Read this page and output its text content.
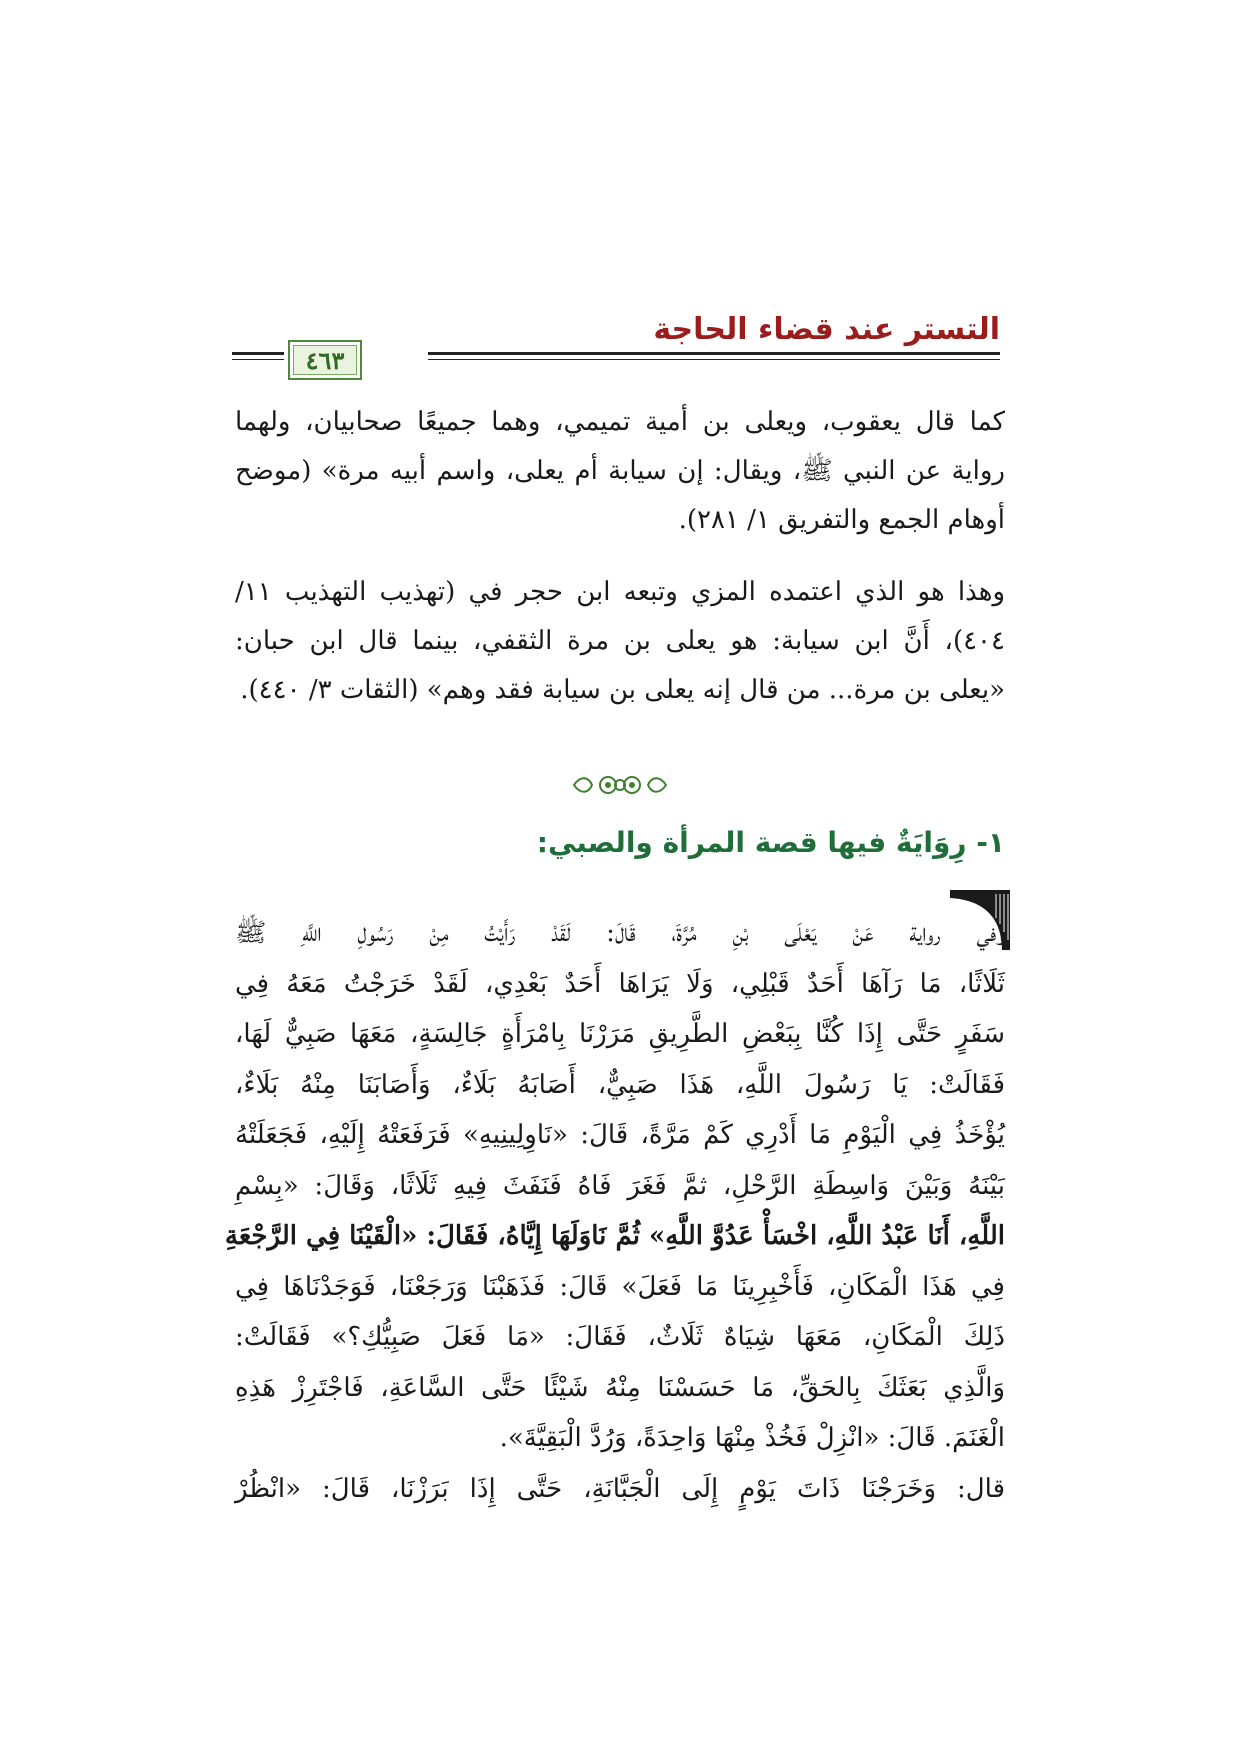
التستر عند قضاء الحاجة
٤٦٣
كما قال يعقوب، ويعلى بن أمية تميمي، وهما جميعًا صحابيان، ولهما
رواية عن النبي ﷺ، ويقال: إن سيابة أم يعلى، واسم أبيه مرة» (موضح
أوهام الجمع والتفريق ١/ ٢٨١).
وهذا هو الذي اعتمده المزي وتبعه ابن حجر في (تهذيب التهذيب ١١/
٤٠٤)، أَنَّ ابن سيابة: هو يعلى بن مرة الثقفي، بينما قال ابن حبان:
«يعلى بن مرة... من قال إنه يعلى بن سيابة فقد وهم» (الثقات ٣/ ٤٤٠).
١- رِوَايَةٌ فيها قصة المرأة والصبي:
وفي رواية عَنْ يَعْلَى بْنِ مُرَّةَ، قَالَ: لَقَدْ رَأَيْتُ مِنْ رَسُولِ اللَّهِ ﷺ
ثَلَاثًا، مَا رَآهَا أَحَدٌ قَبْلِي، وَلَا يَرَاهَا أَحَدٌ بَعْدِي، لَقَدْ خَرَجْتُ مَعَهُ فِي
سَفَرٍ حَتَّى إِذَا كُنَّا بِبَعْضِ الطَّرِيقِ مَرَرْنَا بِامْرَأَةٍ جَالِسَةٍ، مَعَهَا صَبِيٌّ لَهَا،
فَقَالَتْ: يَا رَسُولَ اللَّهِ، هَذَا صَبِيٌّ، أَصَابَهُ بَلَاءٌ، وَأَصَابَنَا مِنْهُ بَلَاءٌ،
يُؤْخَذُ فِي الْيَوْمِ مَا أَدْرِي كَمْ مَرَّةً، قَالَ: «نَاوِلِينِيهِ» فَرَفَعَتْهُ إِلَيْهِ، فَجَعَلَتْهُ
بَيْنَهُ وَبَيْنَ وَاسِطَةِ الرَّحْلِ، ثمَّ فَغَرَ فَاهُ فَنَفَثَ فِيهِ ثَلَاثًا، وَقَالَ: «بِسْمِ
اللَّهِ، أَنَا عَبْدُ اللَّهِ، اخْسَأْ عَدُوَّ اللَّهِ» ثُمَّ نَاوَلَهَا إِيَّاهُ، فَقَالَ: «الْقَيْنَا فِي الرَّجْعَةِ
فِي هَذَا الْمَكَانِ، فَأَخْبِرِينَا مَا فَعَلَ» قَالَ: فَذَهَبْنَا وَرَجَعْنَا، فَوَجَدْنَاهَا فِي
ذَلِكَ الْمَكَانِ، مَعَهَا شِيَاهٌ ثَلَاثٌ، فَقَالَ: «مَا فَعَلَ صَبِيُّكِ؟» فَقَالَتْ:
وَالَّذِي بَعَثَكَ بِالحَقِّ، مَا حَسَسْنَا مِنْهُ شَيْئًا حَتَّى السَّاعَةِ، فَاجْتَرِزْ هَذِهِ
الْغَنَمَ. قَالَ: «انْزِلْ فَخُذْ مِنْهَا وَاحِدَةً، وَرُدَّ الْبَقِيَّةَ».
قال: وَخَرَجْنَا ذَاتَ يَوْمٍ إِلَى الْجَبَّانَةِ، حَتَّى إِذَا بَرَزْنَا، قَالَ: «انْظُرْ
